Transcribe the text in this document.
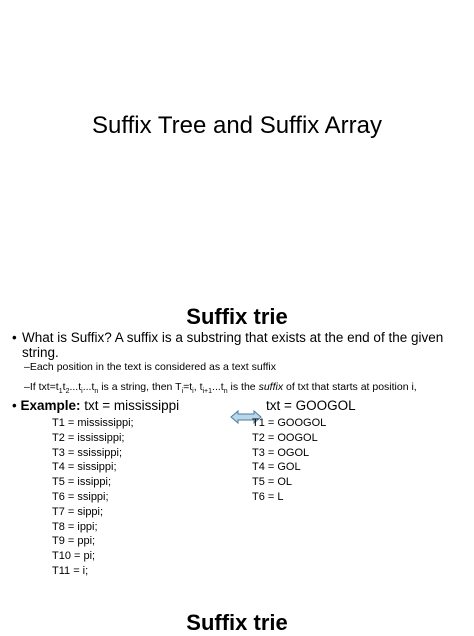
Suffix Tree and Suffix Array
Suffix trie
• What is Suffix? A suffix is a substring that exists at the end of the given string.
–Each position in the text is considered as a text suffix
–If $txt=t_1t_2...t_i...t_n$ is a string, then $T_i=t_i$, $t_{i+1}...t_n$ is the suffix of txt that starts at position i,
• Example: txt = mississippi	txt = GOOGOL
T1 = mississippi;
T2 = ississippi;
T3 = ssissippi;
T4 = sissippi;
T5 = issippi;
T6 = ssippi;
T7 = sippi;
T8 = ippi;
T9 = ppi;
T10 = pi;
T11 = i;
T1 = GOOGOL
T2 = OOGOL
T3 = OGOL
T4 = GOL
T5 = OL
T6 = L
Suffix trie
